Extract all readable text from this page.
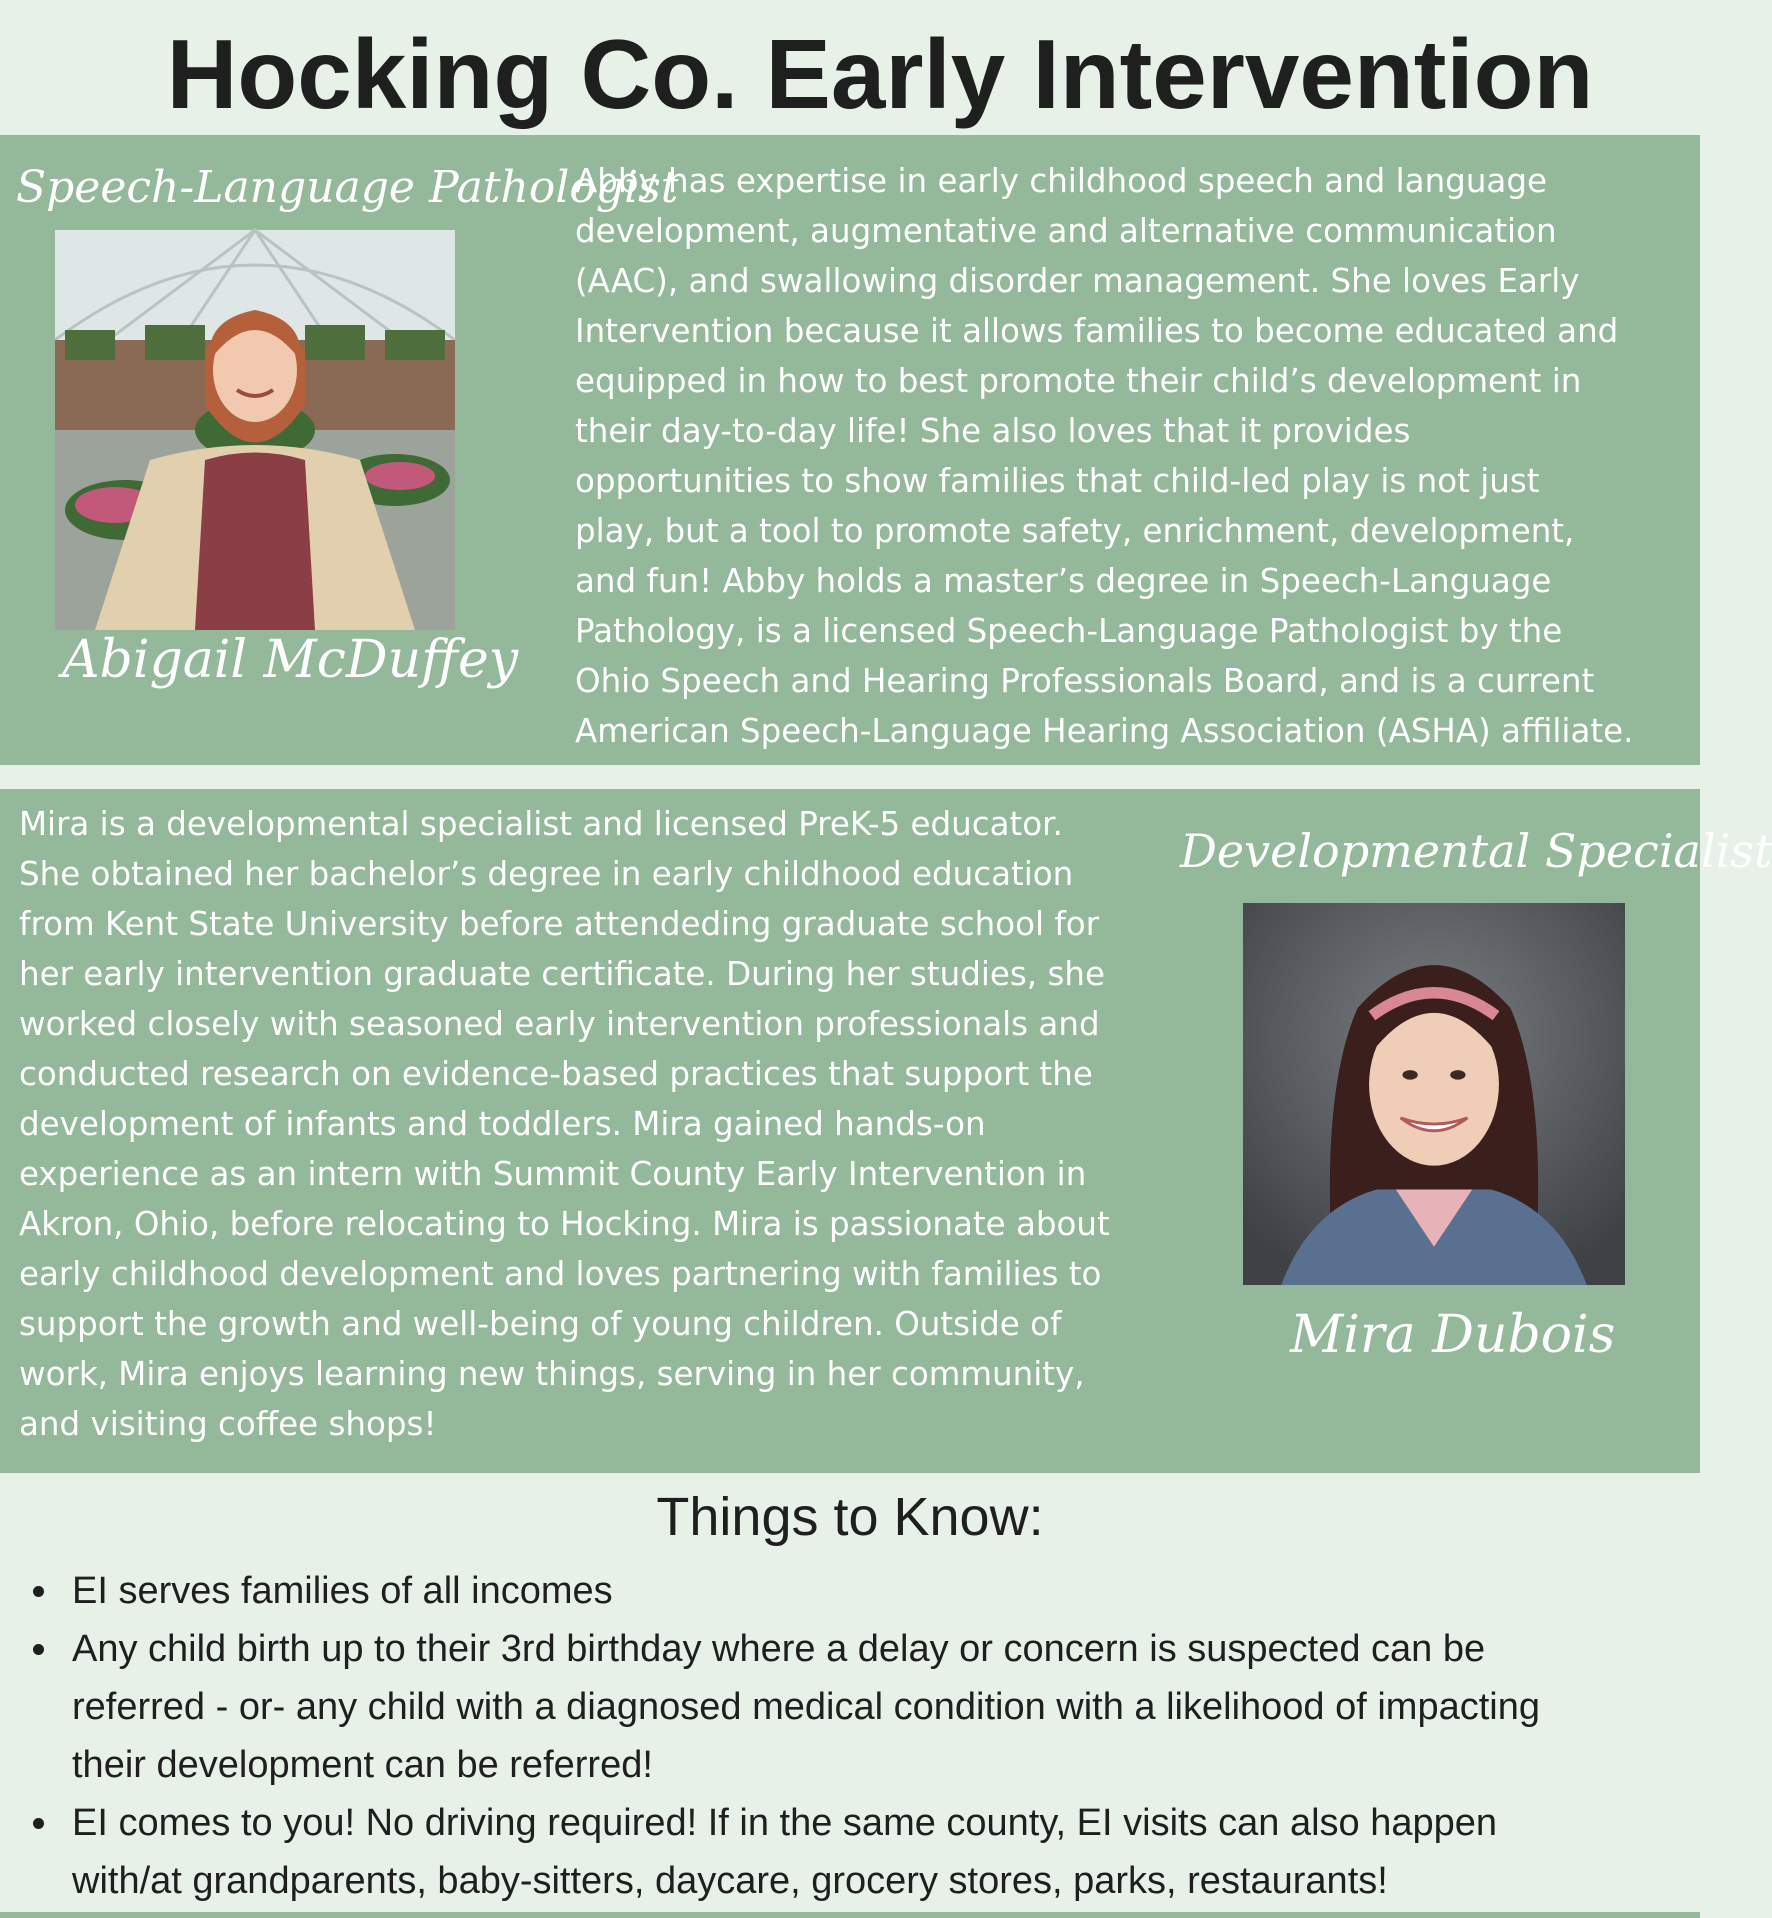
Hocking Co. Early Intervention
Speech-Language Pathologist
Abigail McDuffey
Abby has expertise in early childhood speech and language
development, augmentative and alternative communication
(AAC), and swallowing disorder management. She loves Early
Intervention because it allows families to become educated and
equipped in how to best promote their child’s development in
their day-to-day life! She also loves that it provides
opportunities to show families that child-led play is not just
play, but a tool to promote safety, enrichment, development,
and fun! Abby holds a master’s degree in Speech-Language
Pathology, is a licensed Speech-Language Pathologist by the
Ohio Speech and Hearing Professionals Board, and is a current
American Speech-Language Hearing Association (ASHA) affiliate.
Mira is a developmental specialist and licensed PreK-5 educator.
She obtained her bachelor’s degree in early childhood education
from Kent State University before attendeding graduate school for
her early intervention graduate certificate. During her studies, she
worked closely with seasoned early intervention professionals and
conducted research on evidence-based practices that support the
development of infants and toddlers. Mira gained hands-on
experience as an intern with Summit County Early Intervention in
Akron, Ohio, before relocating to Hocking. Mira is passionate about
early childhood development and loves partnering with families to
support the growth and well-being of young children. Outside of
work, Mira enjoys learning new things, serving in her community,
and visiting coffee shops!
Developmental Specialist
Mira Dubois
Things to Know:
EI serves families of all incomes
Any child birth up to their 3rd birthday where a delay or concern is suspected can be
referred - or- any child with a diagnosed medical condition with a likelihood of impacting
their development can be referred!
EI comes to you! No driving required! If in the same county, EI visits can also happen
with/at grandparents, baby-sitters, daycare, grocery stores, parks, restaurants!
